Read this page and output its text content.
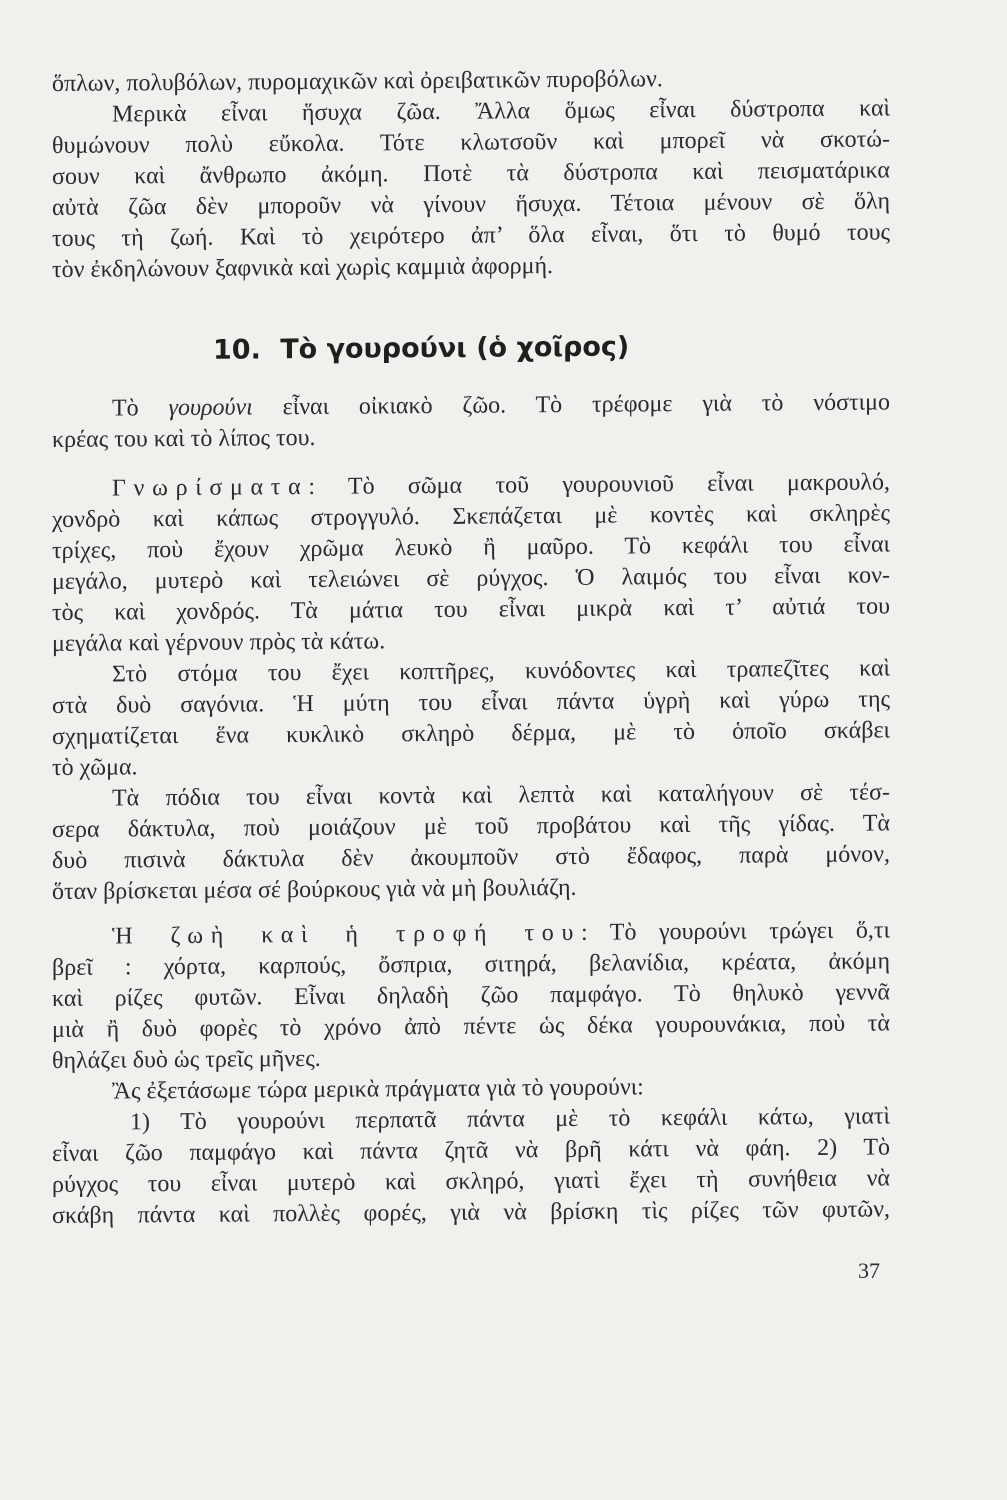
ὅπλων, πολυβόλων, πυρομαχικῶν καὶ ὀρειβατικῶν πυροβόλων.
Μερικὰ εἶναι ἥσυχα ζῶα. Ἄλλα ὅμως εἶναι δύστροπα καὶ
θυμώνουν πολὺ εὔκολα. Τότε κλωτσοῦν καὶ μπορεῖ νὰ σκοτώ-
σουν καὶ ἄνθρωπο ἀκόμη. Ποτὲ τὰ δύστροπα καὶ πεισματάρικα
αὐτὰ ζῶα δὲν μποροῦν νὰ γίνουν ἥσυχα. Τέτοια μένουν σὲ ὅλη
τους τὴ ζωή. Καὶ τὸ χειρότερο ἀπ’ ὅλα εἶναι, ὅτι τὸ θυμό τους
τὸν ἐκδηλώνουν ξαφνικὰ καὶ χωρὶς καμμιὰ ἀφορμή.
10. Τὸ γουρούνι (ὁ χοῖρος)
Τὸ γουρούνι εἶναι οἰκιακὸ ζῶο. Τὸ τρέφομε γιὰ τὸ νόστιμο
κρέας του καὶ τὸ λίπος του.
Γνωρίσματα: Τὸ σῶμα τοῦ γουρουνιοῦ εἶναι μακρουλό,
χονδρὸ καὶ κάπως στρογγυλό. Σκεπάζεται μὲ κοντὲς καὶ σκληρὲς
τρίχες, ποὺ ἔχουν χρῶμα λευκὸ ἢ μαῦρο. Τὸ κεφάλι του εἶναι
μεγάλο, μυτερὸ καὶ τελειώνει σὲ ρύγχος. Ὁ λαιμός του εἶναι κον-
τὸς καὶ χονδρός. Τὰ μάτια του εἶναι μικρὰ καὶ τ’ αὐτιά του
μεγάλα καὶ γέρνουν πρὸς τὰ κάτω.
Στὸ στόμα του ἔχει κοπτῆρες, κυνόδοντες καὶ τραπεζῖτες καὶ
στὰ δυὸ σαγόνια. Ἡ μύτη του εἶναι πάντα ὑγρὴ καὶ γύρω της
σχηματίζεται ἕνα κυκλικὸ σκληρὸ δέρμα, μὲ τὸ ὁποῖο σκάβει
τὸ χῶμα.
Τὰ πόδια του εἶναι κοντὰ καὶ λεπτὰ καὶ καταλήγουν σὲ τέσ-
σερα δάκτυλα, ποὺ μοιάζουν μὲ τοῦ προβάτου καὶ τῆς γίδας. Τὰ
δυὸ πισινὰ δάκτυλα δὲν ἀκουμποῦν στὸ ἔδαφος, παρὰ μόνον,
ὅταν βρίσκεται μέσα σέ βούρκους γιὰ νὰ μὴ βουλιάζη.
Ἡ ζωὴ καὶ ἡ τροφή του: Τὸ γουρούνι τρώγει ὅ,τι
βρεῖ : χόρτα, καρπούς, ὄσπρια, σιτηρά, βελανίδια, κρέατα, ἀκόμη
καὶ ρίζες φυτῶν. Εἶναι δηλαδὴ ζῶο παμφάγο. Τὸ θηλυκὸ γεννᾶ
μιὰ ἢ δυὸ φορὲς τὸ χρόνο ἀπὸ πέντε ὡς δέκα γουρουνάκια, ποὺ τὰ
θηλάζει δυὸ ὡς τρεῖς μῆνες.
Ἂς ἐξετάσωμε τώρα μερικὰ πράγματα γιὰ τὸ γουρούνι:
1) Τὸ γουρούνι περπατᾶ πάντα μὲ τὸ κεφάλι κάτω, γιατὶ
εἶναι ζῶο παμφάγο καὶ πάντα ζητᾶ νὰ βρῆ κάτι νὰ φάη. 2) Τὸ
ρύγχος του εἶναι μυτερὸ καὶ σκληρό, γιατὶ ἔχει τὴ συνήθεια νὰ
σκάβη πάντα καὶ πολλὲς φορές, γιὰ νὰ βρίσκη τὶς ρίζες τῶν φυτῶν,
37
